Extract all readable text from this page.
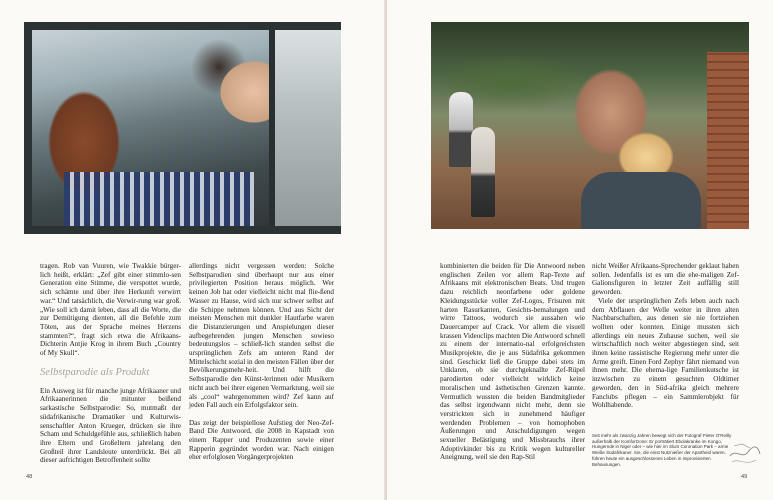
tragen. Rob van Vuuren, wie Twakkie bürger-lich heißt, erklärt: „Zef gibt einer stimmlo-sen Generation eine Stimme, die verspottet wurde, sich schämte und über ihre Herkunft verwirrt war.“ Und tatsächlich, die Verwir-rung war groß. „Wie soll ich damit leben, dass all die Worte, die zur Demütigung dienten, all die Befehle zum Töten, aus der Sprache meines Herzens stammten?“, fragt sich etwa die Afrikaans-Dichterin Antjie Krog in ihrem Buch „Country of My Skull“.

Selbstparodie als Produkt

Ein Ausweg ist für manche junge Afrikaaner und Afrikaanerinnen die mitunter beißend sarkastische Selbstparodie: So, mutmaßt der südafrikanische Dramatiker und Kulturwis-senschaftler Anton Krueger, drücken sie ihre Scham und Schuldgefühle aus, schließlich haben ihre Eltern und Großeltern jahrelang den Großteil ihrer Landsleute unterdrückt. Bei all dieser aufrichtigen Betroffenheit sollte

allerdings nicht vergessen werden: Solche Selbstparodien sind überhaupt nur aus einer privilegierten Position heraus möglich. Wer keinen Job hat oder vielleicht nicht mal flie-ßend Wasser zu Hause, wird sich nur schwer selbst auf die Schippe nehmen können. Und aus Sicht der meisten Menschen mit dunkler Hautfarbe waren die Distanzierungen und Anspielungen dieser aufbegehrenden jungen Menschen sowieso bedeutungslos – schließ-lich standen selbst die ursprünglichen Zefs am unteren Rand der Mittelschicht sozial in den meisten Fällen über der Bevölkerungsmehr-heit. Und hilft die Selbstparodie den Künst-lerinnen oder Musikern nicht auch bei ihrer eigenen Vermarktung, weil sie als „cool“ wahrgenommen wird? Zef kann auf jeden Fall auch ein Erfolgsfaktor sein.

Das zeigt der beispiellose Aufstieg der Neo-Zef-Band Die Antwoord, die 2008 in Kapstadt von einem Rapper und Produzenten sowie einer Rapperin gegründet worden war. Nach einigen eher erfolglosen Vorgängerprojekten

48

kombinierten die beiden für Die Antwoord neben englischen Zeilen vor allem Rap-Texte auf Afrikaans mit elektronischen Beats. Und trugen dazu reichlich neonfarbene oder goldene Kleidungsstücke voller Zef-Logos, Frisuren mit harten Rasurkanten, Gesichts-bemalungen und wirre Tattoos, wodurch sie aussahen wie Dauercamper auf Crack. Vor allem die visuell krassen Videoclips machten Die Antwoord schnell zu einem der internatio-nal erfolgreichsten Musikprojekte, die je aus Südafrika gekommen sind. Geschickt ließ die Gruppe dabei stets im Unklaren, ob sie durchgeknallte Zef-Rüpel parodierten oder vielleicht wirklich keine moralischen und ästhetischen Grenzen kannte. Vermutlich wussten die beiden Bandmitglieder das selbst irgendwann nicht mehr, denn sie verstrickten sich in zunehmend häufiger werdenden Problemen – von homophoben Äußerungen und Anschuldigungen wegen sexueller Belästigung und Missbrauchs ihrer Adoptivkinder bis zu Kritik wegen kultureller Aneignung, weil sie den Rap-Stil

nicht Weißer Afrikaans-Sprechender geklaut haben sollen. Jedenfalls ist es um die ehe-maligen Zef-Galionsfiguren in letzter Zeit auffällig still geworden.

Viele der ursprünglichen Zefs leben auch nach dem Abflauen der Welle weiter in ihren alten Nachbarschaften, aus denen sie nie fortziehen wollten oder konnten. Einige mussten sich allerdings ein neues Zuhause suchen, weil sie wirtschaftlich noch weiter abgestiegen sind, seit ihnen keine rassistische Regierung mehr unter die Arme greift. Einen Ford Zephyr fährt niemand von ihnen mehr. Die ehema-lige Familienkutsche ist inzwischen zu einem gesuchten Oldtimer geworden, den in Süd-afrika gleich mehrere Fanclubs pflegen – ein Sammlerobjekt für Wohlhabende.

Seit mehr als zwanzig Jahren bewegt sich der Fotograf Pieter O’Reilly außerhalb der Komfortzone: Er porträtiert Ebolakranke im Kongo, Hungernde in Niger oder – wie hier im Slum Coronation Park – arme Weiße Südafrikaner. Sie, die einst Nutznießer der Apartheid waren, führen heute ein ausgeschlossenes Leben in improvisierten Behausungen.
49
